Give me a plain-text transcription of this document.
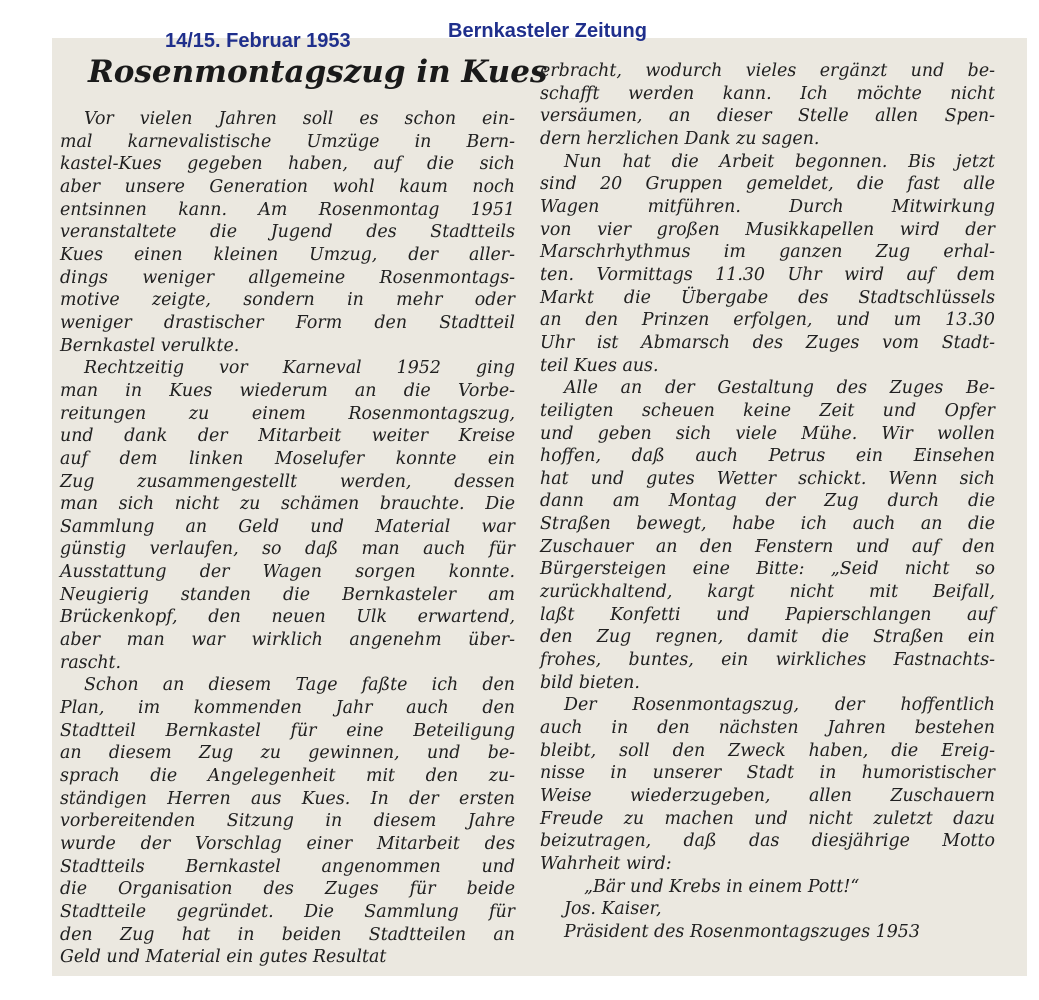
14/15. Februar 1953	Bernkasteler Zeitung
Rosenmontagszug in Kues
Vor vielen Jahren soll es schon ein-
mal karnevalistische Umzüge in Bern-
kastel-Kues gegeben haben, auf die sich
aber unsere Generation wohl kaum noch
entsinnen kann. Am Rosenmontag 1951
veranstaltete die Jugend des Stadtteils
Kues einen kleinen Umzug, der aller-
dings weniger allgemeine Rosenmontags-
motive zeigte, sondern in mehr oder
weniger drastischer Form den Stadtteil
Bernkastel verulkte.
Rechtzeitig vor Karneval 1952 ging
man in Kues wiederum an die Vorbe-
reitungen zu einem Rosenmontagszug,
und dank der Mitarbeit weiter Kreise
auf dem linken Moselufer konnte ein
Zug zusammengestellt werden, dessen
man sich nicht zu schämen brauchte. Die
Sammlung an Geld und Material war
günstig verlaufen, so daß man auch für
Ausstattung der Wagen sorgen konnte.
Neugierig standen die Bernkasteler am
Brückenkopf, den neuen Ulk erwartend,
aber man war wirklich angenehm über-
rascht.
Schon an diesem Tage faßte ich den
Plan, im kommenden Jahr auch den
Stadtteil Bernkastel für eine Beteiligung
an diesem Zug zu gewinnen, und be-
sprach die Angelegenheit mit den zu-
ständigen Herren aus Kues. In der ersten
vorbereitenden Sitzung in diesem Jahre
wurde der Vorschlag einer Mitarbeit des
Stadtteils Bernkastel angenommen und
die Organisation des Zuges für beide
Stadtteile gegründet. Die Sammlung für
den Zug hat in beiden Stadtteilen an
Geld und Material ein gutes Resultat
erbracht, wodurch vieles ergänzt und be-
schafft werden kann. Ich möchte nicht
versäumen, an dieser Stelle allen Spen-
dern herzlichen Dank zu sagen.
Nun hat die Arbeit begonnen. Bis jetzt
sind 20 Gruppen gemeldet, die fast alle
Wagen mitführen. Durch Mitwirkung
von vier großen Musikkapellen wird der
Marschrhythmus im ganzen Zug erhal-
ten. Vormittags 11.30 Uhr wird auf dem
Markt die Übergabe des Stadtschlüssels
an den Prinzen erfolgen, und um 13.30
Uhr ist Abmarsch des Zuges vom Stadt-
teil Kues aus.
Alle an der Gestaltung des Zuges Be-
teiligten scheuen keine Zeit und Opfer
und geben sich viele Mühe. Wir wollen
hoffen, daß auch Petrus ein Einsehen
hat und gutes Wetter schickt. Wenn sich
dann am Montag der Zug durch die
Straßen bewegt, habe ich auch an die
Zuschauer an den Fenstern und auf den
Bürgersteigen eine Bitte: „Seid nicht so
zurückhaltend, kargt nicht mit Beifall,
laßt Konfetti und Papierschlangen auf
den Zug regnen, damit die Straßen ein
frohes, buntes, ein wirkliches Fastnachts-
bild bieten.
Der Rosenmontagszug, der hoffentlich
auch in den nächsten Jahren bestehen
bleibt, soll den Zweck haben, die Ereig-
nisse in unserer Stadt in humoristischer
Weise wiederzugeben, allen Zuschauern
Freude zu machen und nicht zuletzt dazu
beizutragen, daß das diesjährige Motto
Wahrheit wird:
„Bär und Krebs in einem Pott!“
Jos. Kaiser,
Präsident des Rosenmontagszuges 1953
